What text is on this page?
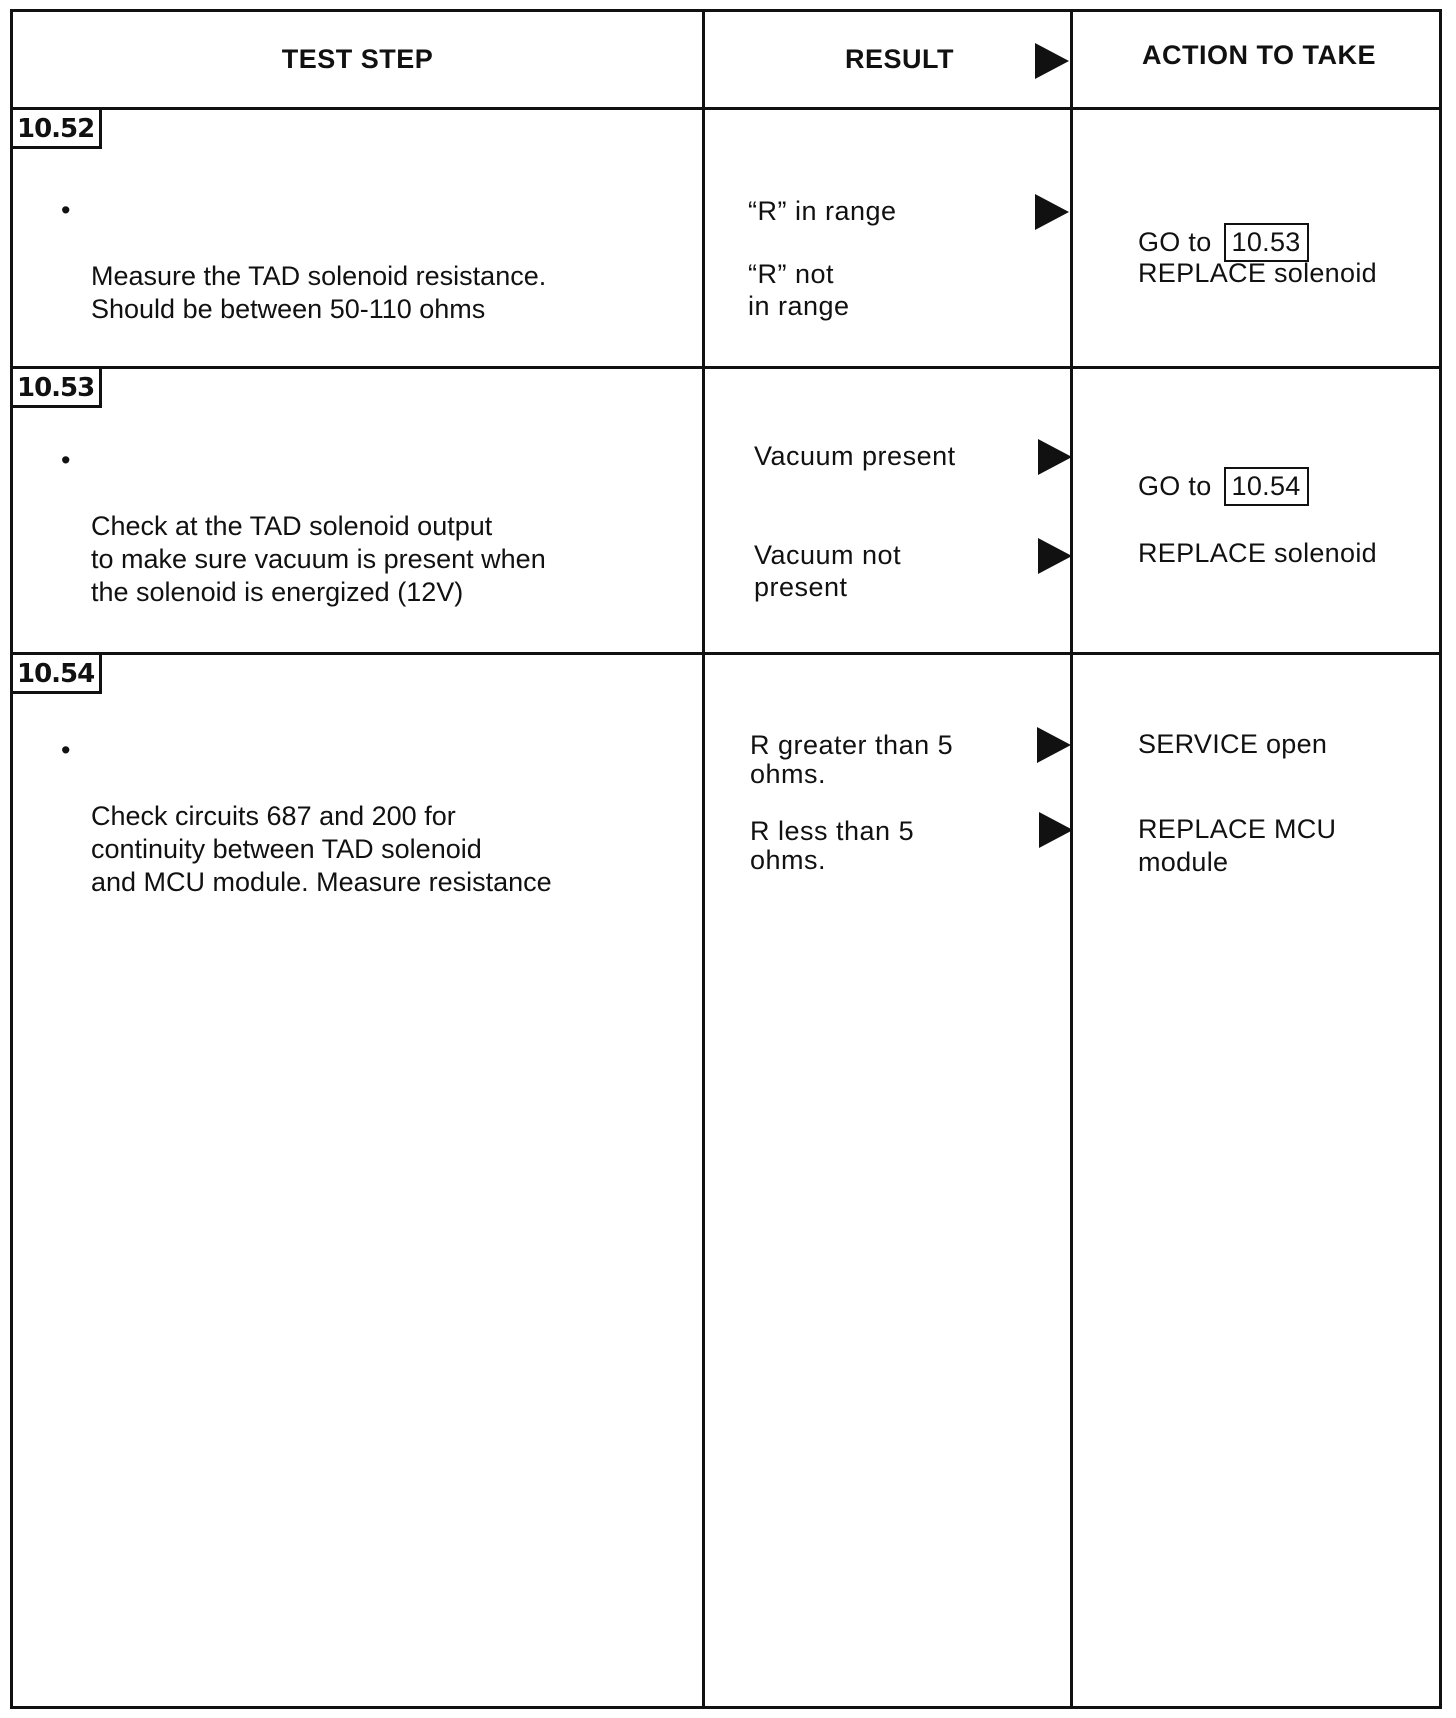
TEST STEP	RESULT	ACTION TO TAKE
10.52

•

Measure the TAD solenoid resistance.
Should be between 50-110 ohms

“R” in range

GO to 10.53

“R” not
in range
REPLACE solenoid
10.53

•

Check at the TAD solenoid output
to make sure vacuum is present when
the solenoid is energized (12V)

Vacuum present

GO to 10.54

Vacuum not
present
REPLACE solenoid
10.54

•

Check circuits 687 and 200 for
continuity between TAD solenoid
and MCU module. Measure resistance

R greater than 5
ohms.
SERVICE open
R less than 5
ohms.
REPLACE MCU
module
